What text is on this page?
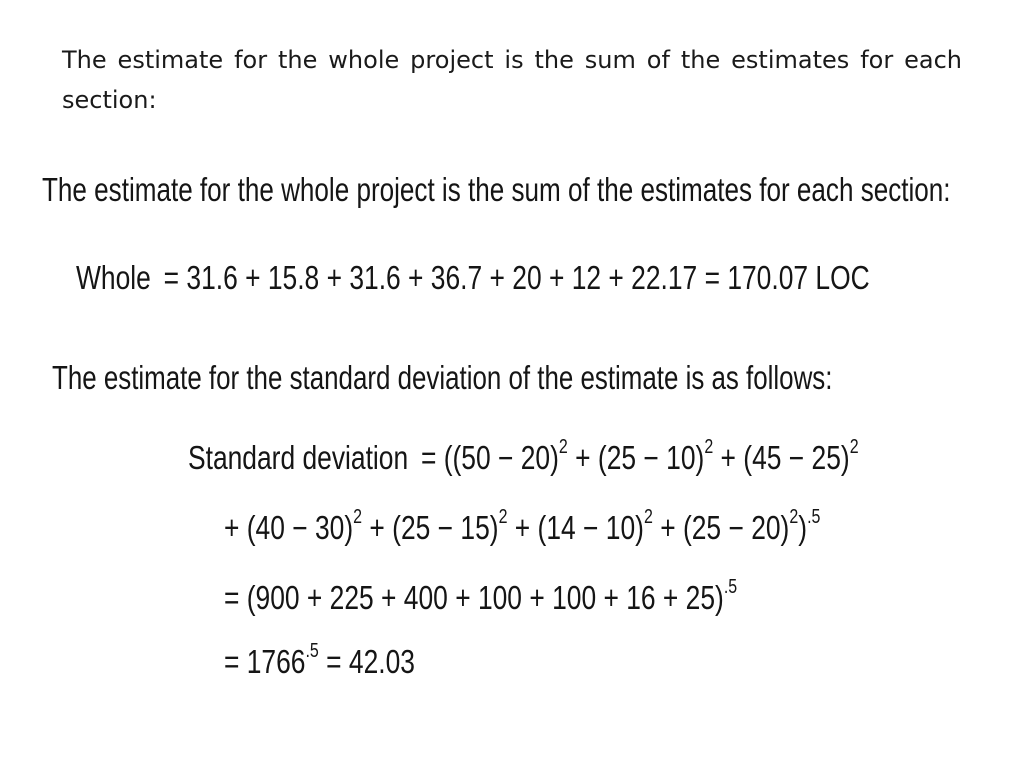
The estimate for the whole project is the sum of the estimates for each section:
The estimate for the whole project is the sum of the estimates for each section:
Whole = 31.6 + 15.8 + 31.6 + 36.7 + 20 + 12 + 22.17 = 170.07 LOC
The estimate for the standard deviation of the estimate is as follows:
Standard deviation = ($(50 - 20)^2 + (25 - 10)^2 + (45 - 25)^2$
+ $(40 - 30)^2 + (25 - 15)^2 + (14 - 10)^2 + (25 - 20)^2)^{.5}$
= $(900 + 225 + 400 + 100 + 100 + 16 + 25)^{.5}$
= $1766^{.5} = 42.03$
